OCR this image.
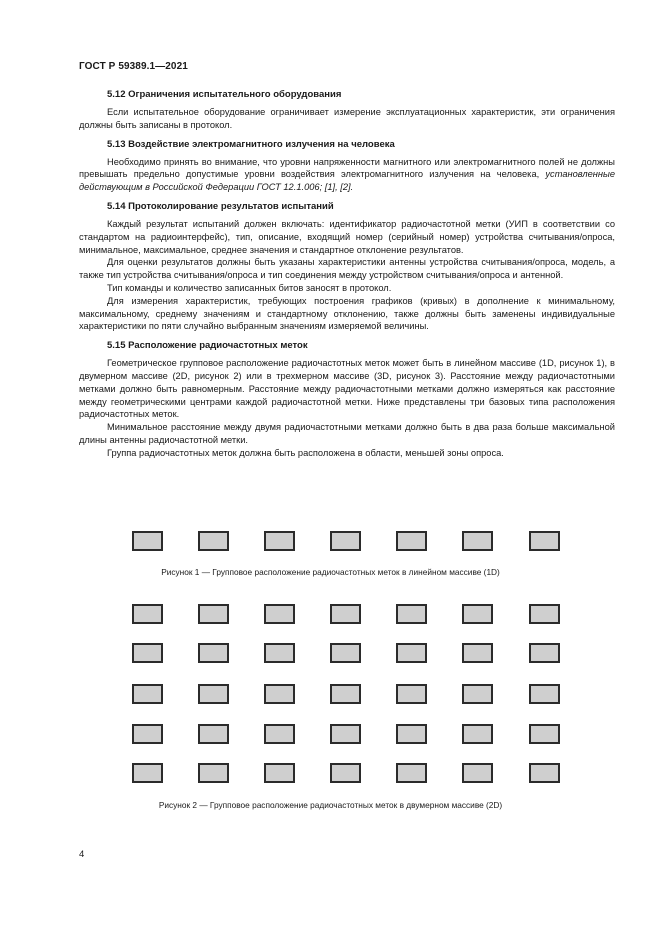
ГОСТ Р 59389.1—2021
5.12 Ограничения испытательного оборудования

Если испытательное оборудование ограничивает измерение эксплуатационных характеристик, эти ограничения должны быть записаны в протокол.

5.13 Воздействие электромагнитного излучения на человека

Необходимо принять во внимание, что уровни напряженности магнитного или электромагнитного полей не должны превышать предельно допустимые уровни воздействия электромагнитного излучения на человека, установленные действующим в Российской Федерации ГОСТ 12.1.006; [1], [2].

5.14 Протоколирование результатов испытаний

Каждый результат испытаний должен включать: идентификатор радиочастотной метки (УИП в соответствии со стандартом на радиоинтерфейс), тип, описание, входящий номер (серийный номер) устройства считывания/опроса, минимальное, максимальное, среднее значения и стандартное отклонение результатов.

Для оценки результатов должны быть указаны характеристики антенны устройства считывания/опроса, модель, а также тип устройства считывания/опроса и тип соединения между устройством считывания/опроса и антенной.

Тип команды и количество записанных битов заносят в протокол.

Для измерения характеристик, требующих построения графиков (кривых) в дополнение к минимальному, максимальному, среднему значениям и стандартному отклонению, также должны быть заменены индивидуальные характеристики по пяти случайно выбранным значениям измеряемой величины.

5.15 Расположение радиочастотных меток

Геометрическое групповое расположение радиочастотных меток может быть в линейном массиве (1D, рисунок 1), в двумерном массиве (2D, рисунок 2) или в трехмерном массиве (3D, рисунок 3). Расстояние между радиочастотными метками должно быть равномерным. Расстояние между радиочастотными метками должно измеряться как расстояние между геометрическими центрами каждой радиочастотной метки. Ниже представлены три базовых типа расположения радиочастотных меток.

Минимальное расстояние между двумя радиочастотными метками должно быть в два раза больше максимальной длины антенны радиочастотной метки.

Группа радиочастотных меток должна быть расположена в области, меньшей зоны опроса.

Рисунок 1 — Групповое расположение радиочастотных меток в линейном массиве (1D)
Рисунок 2 — Групповое расположение радиочастотных меток в двумерном массиве (2D)
4
